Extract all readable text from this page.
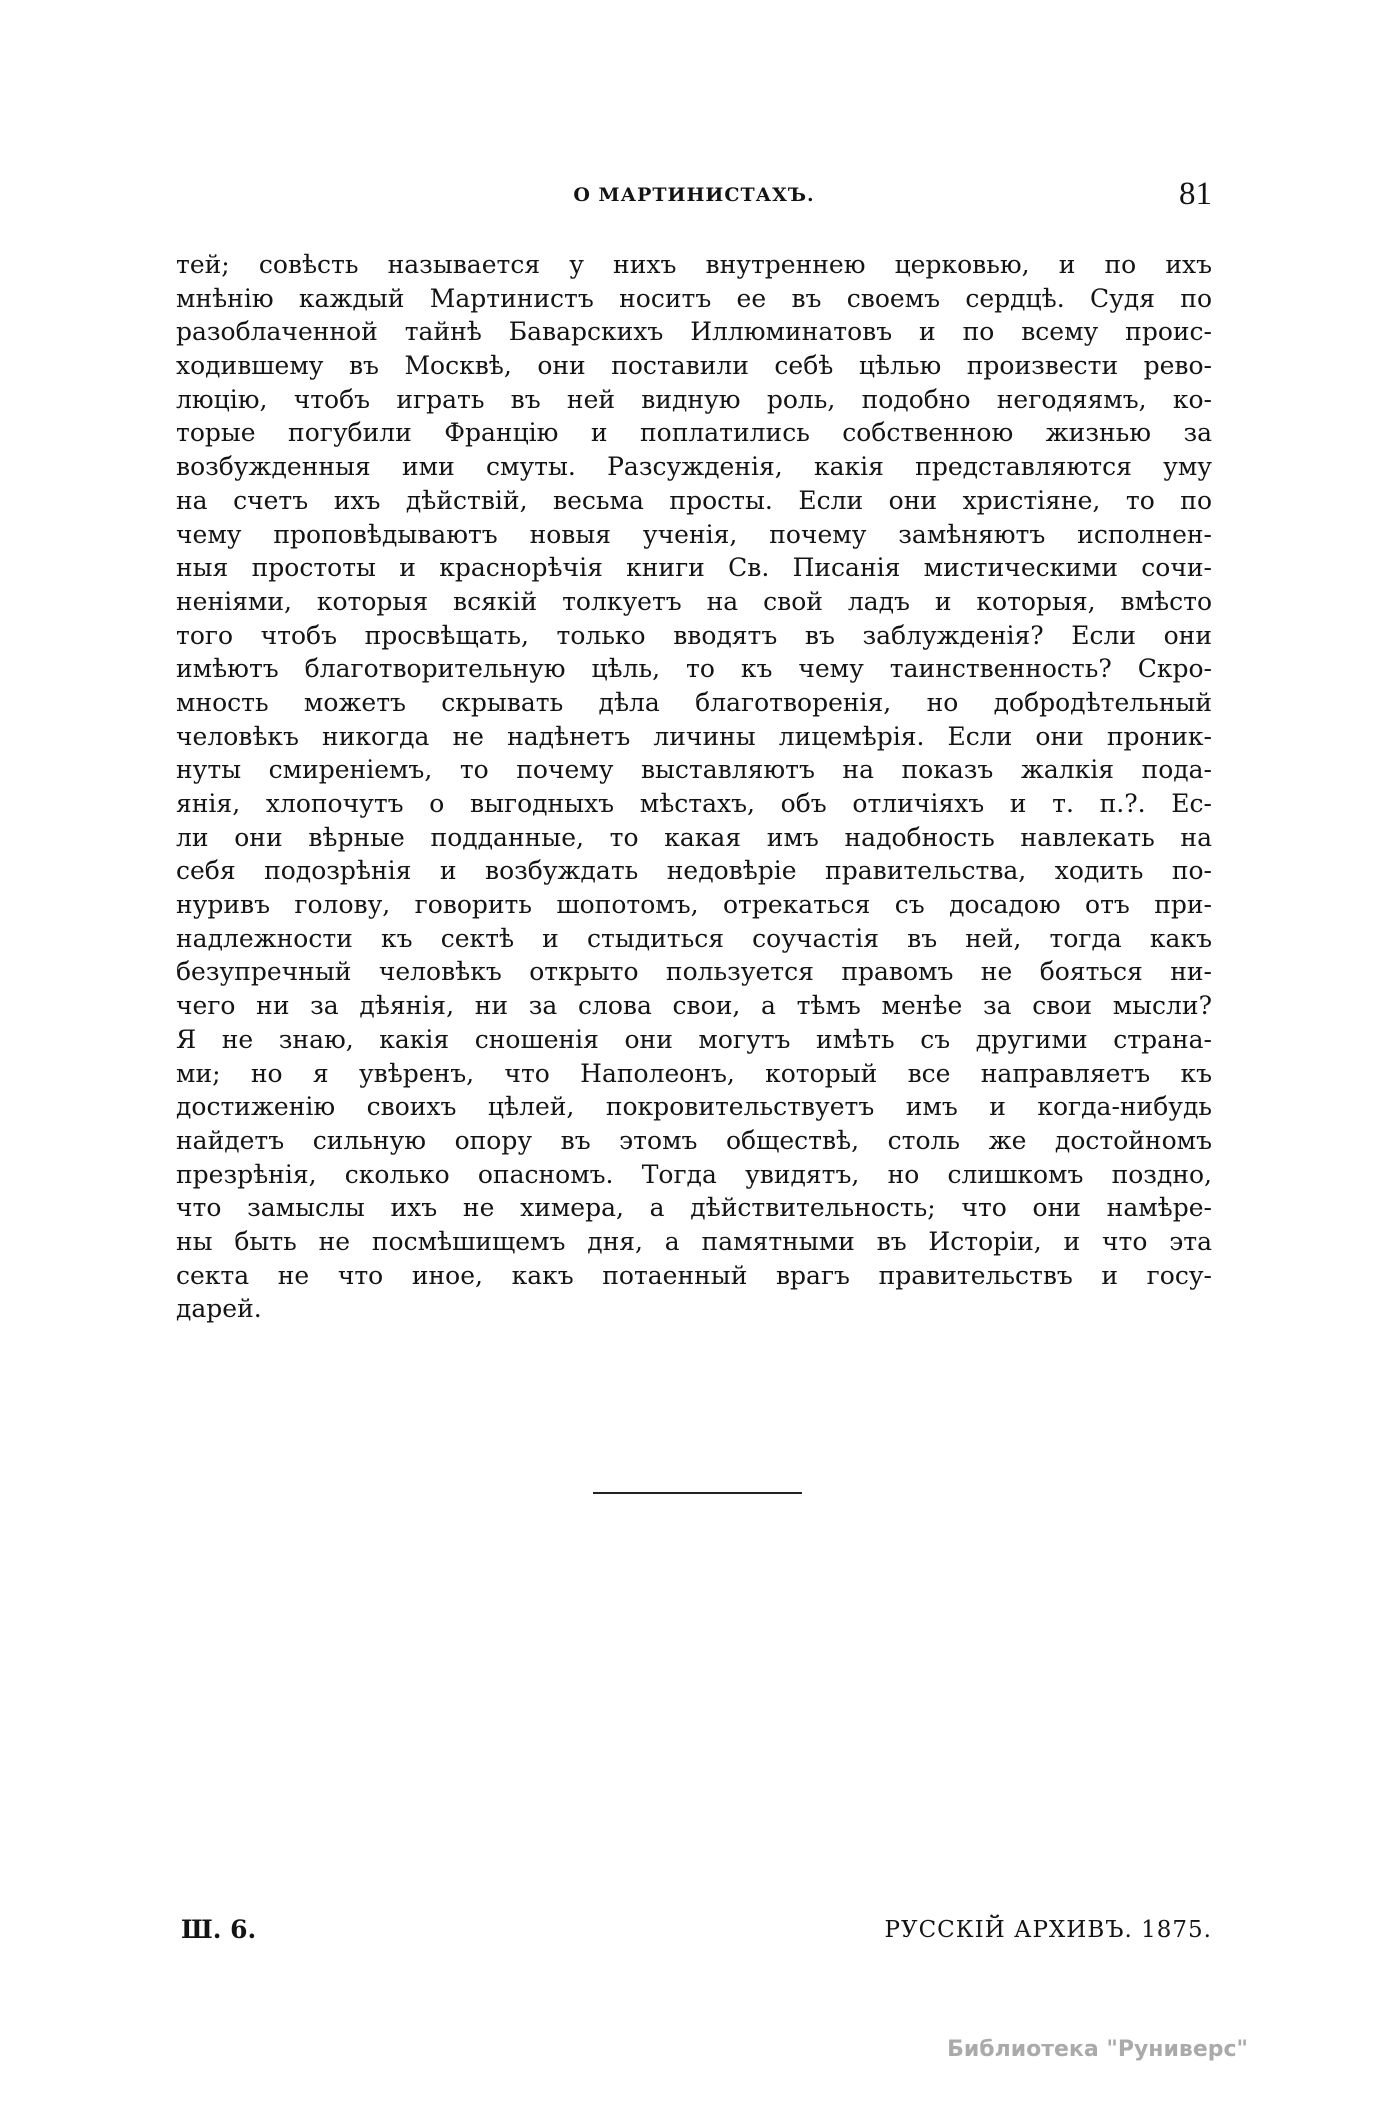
О МАРТИНИСТАХЪ.	81
тей; совѣсть называется у нихъ внутреннею церковью, и по ихъ
мнѣнію каждый Мартинистъ носитъ ее въ своемъ сердцѣ. Судя по
разоблаченной тайнѣ Баварскихъ Иллюминатовъ и по всему проис-
ходившему въ Москвѣ, они поставили себѣ цѣлью произвести рево-
люцію, чтобъ играть въ ней видную роль, подобно негодяямъ, ко-
торые погубили Францію и поплатились собственною жизнью за
возбужденныя ими смуты. Разсужденія, какія представляются уму
на счетъ ихъ дѣйствій, весьма просты. Если они христіяне, то по
чему проповѣдываютъ новыя ученія, почему замѣняютъ исполнен-
ныя простоты и краснорѣчія книги Св. Писанія мистическими сочи-
неніями, которыя всякій толкуетъ на свой ладъ и которыя, вмѣсто
того чтобъ просвѣщать, только вводятъ въ заблужденія? Если они
имѣютъ благотворительную цѣль, то къ чему таинственность? Скро-
мность можетъ скрывать дѣла благотворенія, но добродѣтельный
человѣкъ никогда не надѣнетъ личины лицемѣрія. Если они проник-
нуты смиреніемъ, то почему выставляютъ на показъ жалкія пода-
янія, хлопочутъ о выгодныхъ мѣстахъ, объ отличіяхъ и т. п.?. Ес-
ли они вѣрные подданные, то какая имъ надобность навлекать на
себя подозрѣнія и возбуждать недовѣріе правительства, ходить по-
нуривъ голову, говорить шопотомъ, отрекаться съ досадою отъ при-
надлежности къ сектѣ и стыдиться соучастія въ ней, тогда какъ
безупречный человѣкъ открыто пользуется правомъ не бояться ни-
чего ни за дѣянія, ни за слова свои, а тѣмъ менѣе за свои мысли?
Я не знаю, какія сношенія они могутъ имѣть съ другими страна-
ми; но я увѣренъ, что Наполеонъ, который все направляетъ къ
достиженію своихъ цѣлей, покровительствуетъ имъ и когда-нибудь
найдетъ сильную опору въ этомъ обществѣ, столь же достойномъ
презрѣнія, сколько опасномъ. Тогда увидятъ, но слишкомъ поздно,
что замыслы ихъ не химера, а дѣйствительность; что они намѣре-
ны быть не посмѣшищемъ дня, а памятными въ Исторіи, и что эта
секта не что иное, какъ потаенный врагъ правительствъ и госу-
дарей.
Ш. 6.	РУССКІЙ АРХИВЪ. 1875.
Библиотека "Руниверс"
